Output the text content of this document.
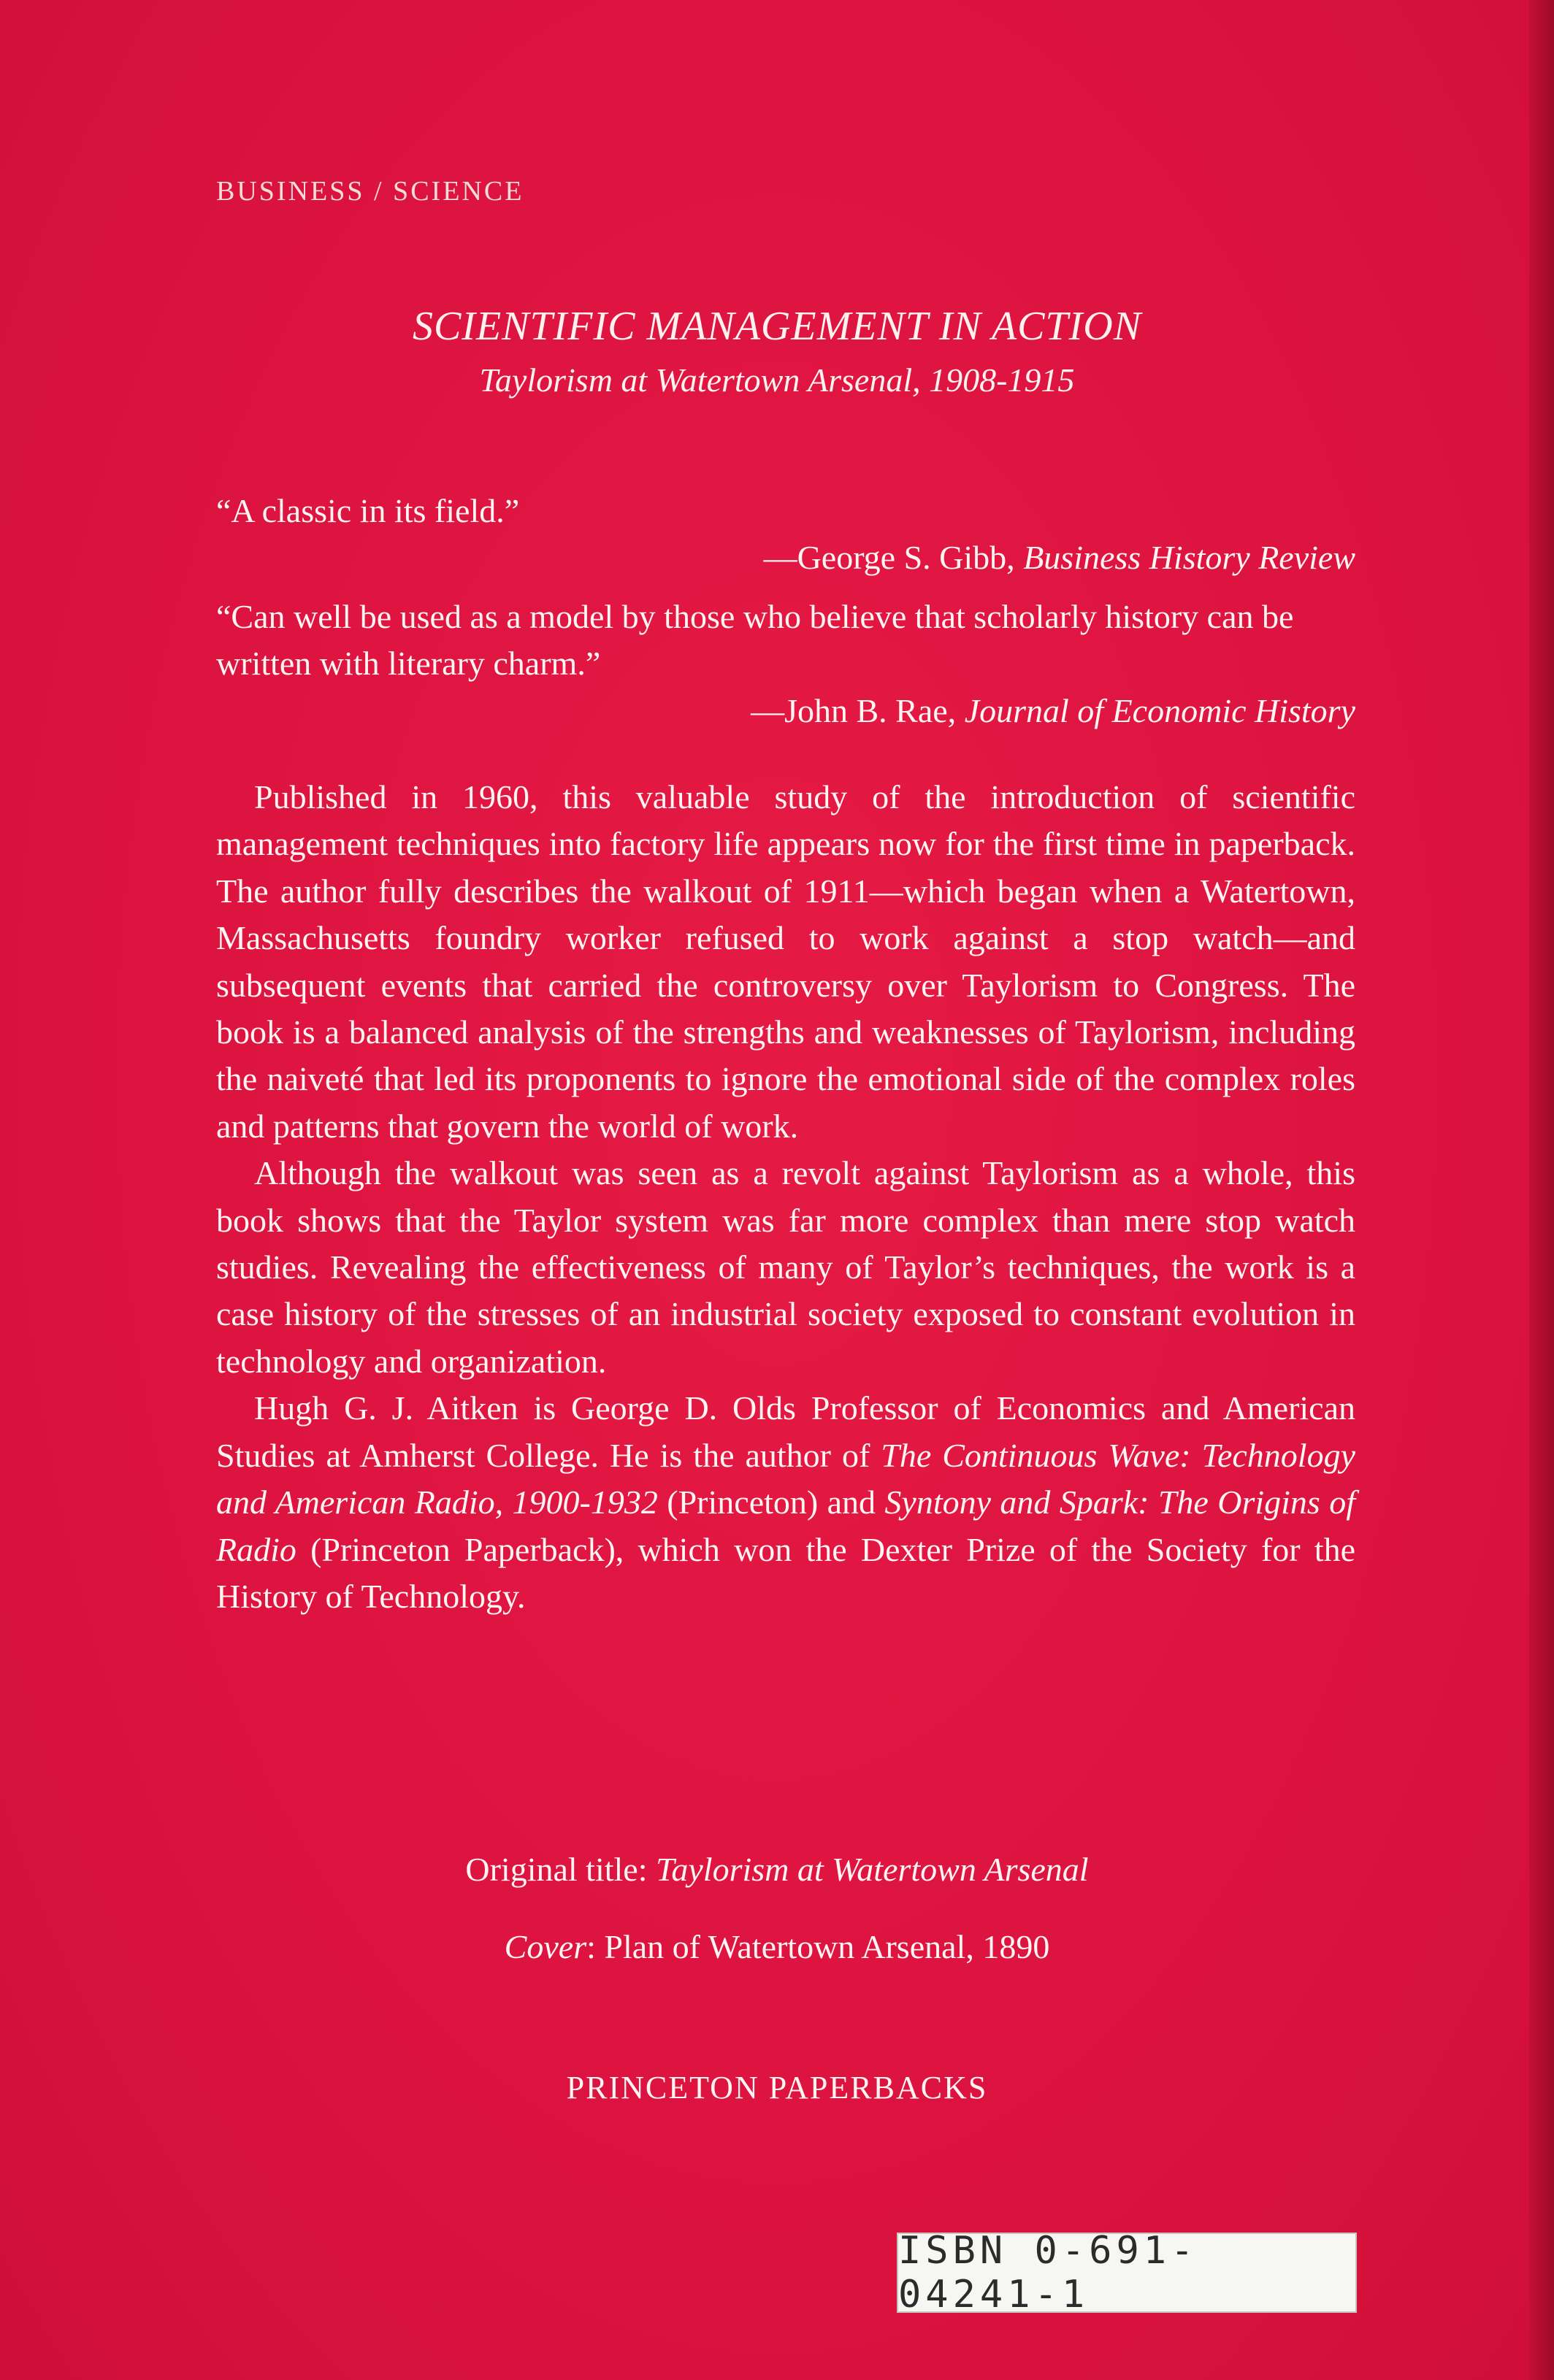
BUSINESS / SCIENCE
SCIENTIFIC MANAGEMENT IN ACTION
Taylorism at Watertown Arsenal, 1908-1915

“A classic in its field.”

—George S. Gibb, Business History Review

“Can well be used as a model by those who believe that scholarly history can be written with literary charm.”

—John B. Rae, Journal of Economic History

Published in 1960, this valuable study of the introduction of scientific management techniques into factory life appears now for the first time in paperback. The author fully describes the walkout of 1911—which began when a Watertown, Massachusetts foundry worker refused to work against a stop watch—and subsequent events that carried the controversy over Taylorism to Congress. The book is a balanced analysis of the strengths and weaknesses of Taylorism, including the naiveté that led its proponents to ignore the emotional side of the complex roles and patterns that govern the world of work.

Although the walkout was seen as a revolt against Taylorism as a whole, this book shows that the Taylor system was far more complex than mere stop watch studies. Revealing the effectiveness of many of Taylor’s techniques, the work is a case history of the stresses of an industrial society exposed to constant evolution in technology and organization.

Hugh G. J. Aitken is George D. Olds Professor of Economics and American Studies at Amherst College. He is the author of The Continuous Wave: Technology and American Radio, 1900-1932 (Princeton) and Syntony and Spark: The Origins of Radio (Princeton Paperback), which won the Dexter Prize of the Society for the History of Technology.

Original title: Taylorism at Watertown Arsenal
Cover: Plan of Watertown Arsenal, 1890
PRINCETON PAPERBACKS
ISBN 0-691-04241-1
